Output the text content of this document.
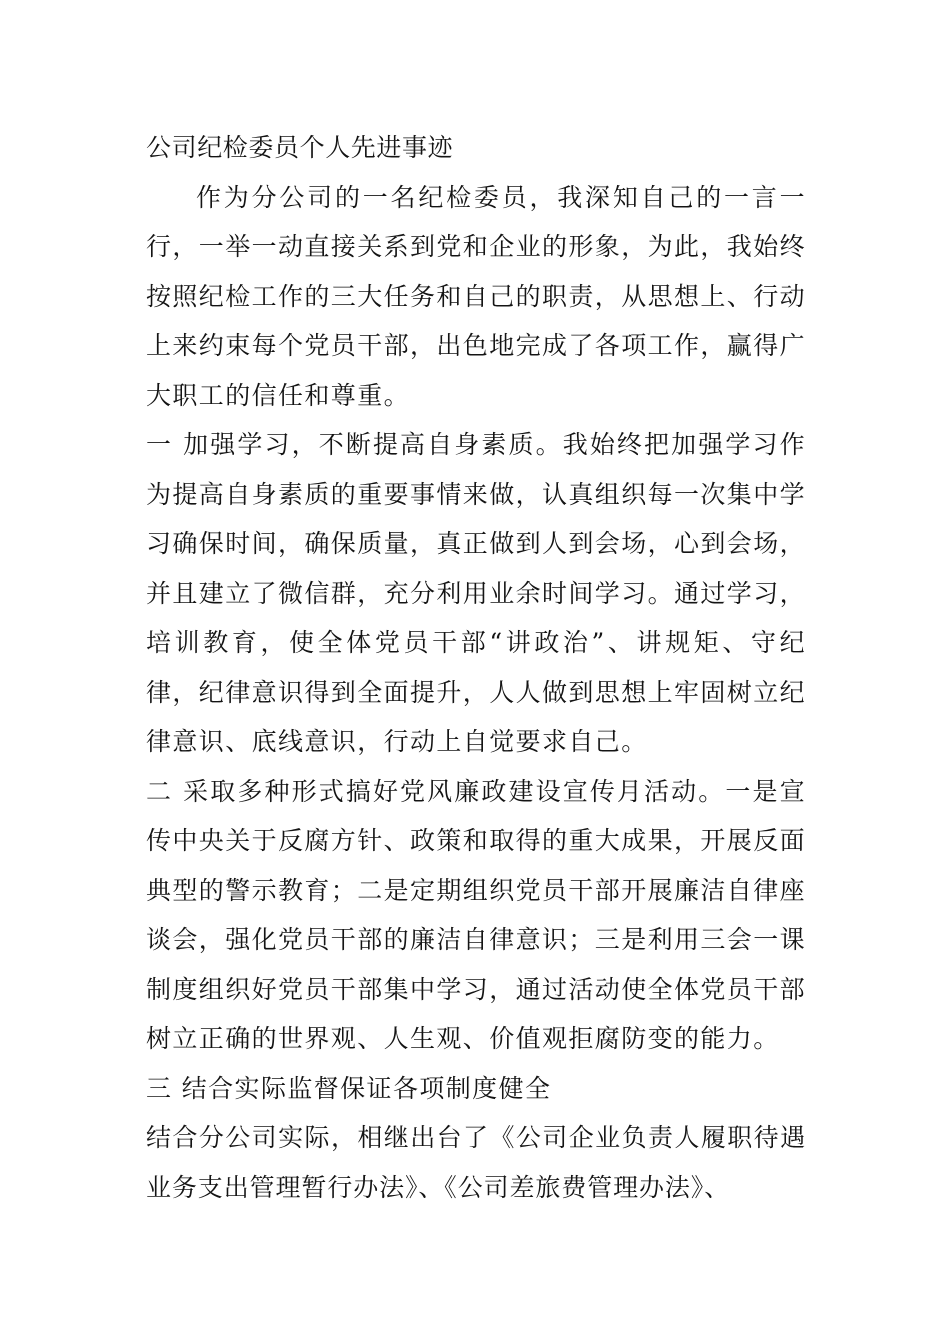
公司纪检委员个人先进事迹

作为分公司的一名纪检委员，我深知自己的一言一行，一举一动直接关系到党和企业的形象，为此，我始终按照纪检工作的三大任务和自己的职责，从思想上、行动上来约束每个党员干部，出色地完成了各项工作，赢得广大职工的信任和尊重。

一 加强学习，不断提高自身素质。我始终把加强学习作为提高自身素质的重要事情来做，认真组织每一次集中学习确保时间，确保质量，真正做到人到会场，心到会场，并且建立了微信群，充分利用业余时间学习。通过学习，培训教育，使全体党员干部“讲政治”、讲规矩、守纪律，纪律意识得到全面提升，人人做到思想上牢固树立纪律意识、底线意识，行动上自觉要求自己。

二 采取多种形式搞好党风廉政建设宣传月活动。一是宣传中央关于反腐方针、政策和取得的重大成果，开展反面典型的警示教育；二是定期组织党员干部开展廉洁自律座谈会，强化党员干部的廉洁自律意识；三是利用三会一课制度组织好党员干部集中学习，通过活动使全体党员干部树立正确的世界观、人生观、价值观拒腐防变的能力。

三 结合实际监督保证各项制度健全

结合分公司实际，相继出台了《公司企业负责人履职待遇业务支出管理暂行办法》、《公司差旅费管理办法》、
